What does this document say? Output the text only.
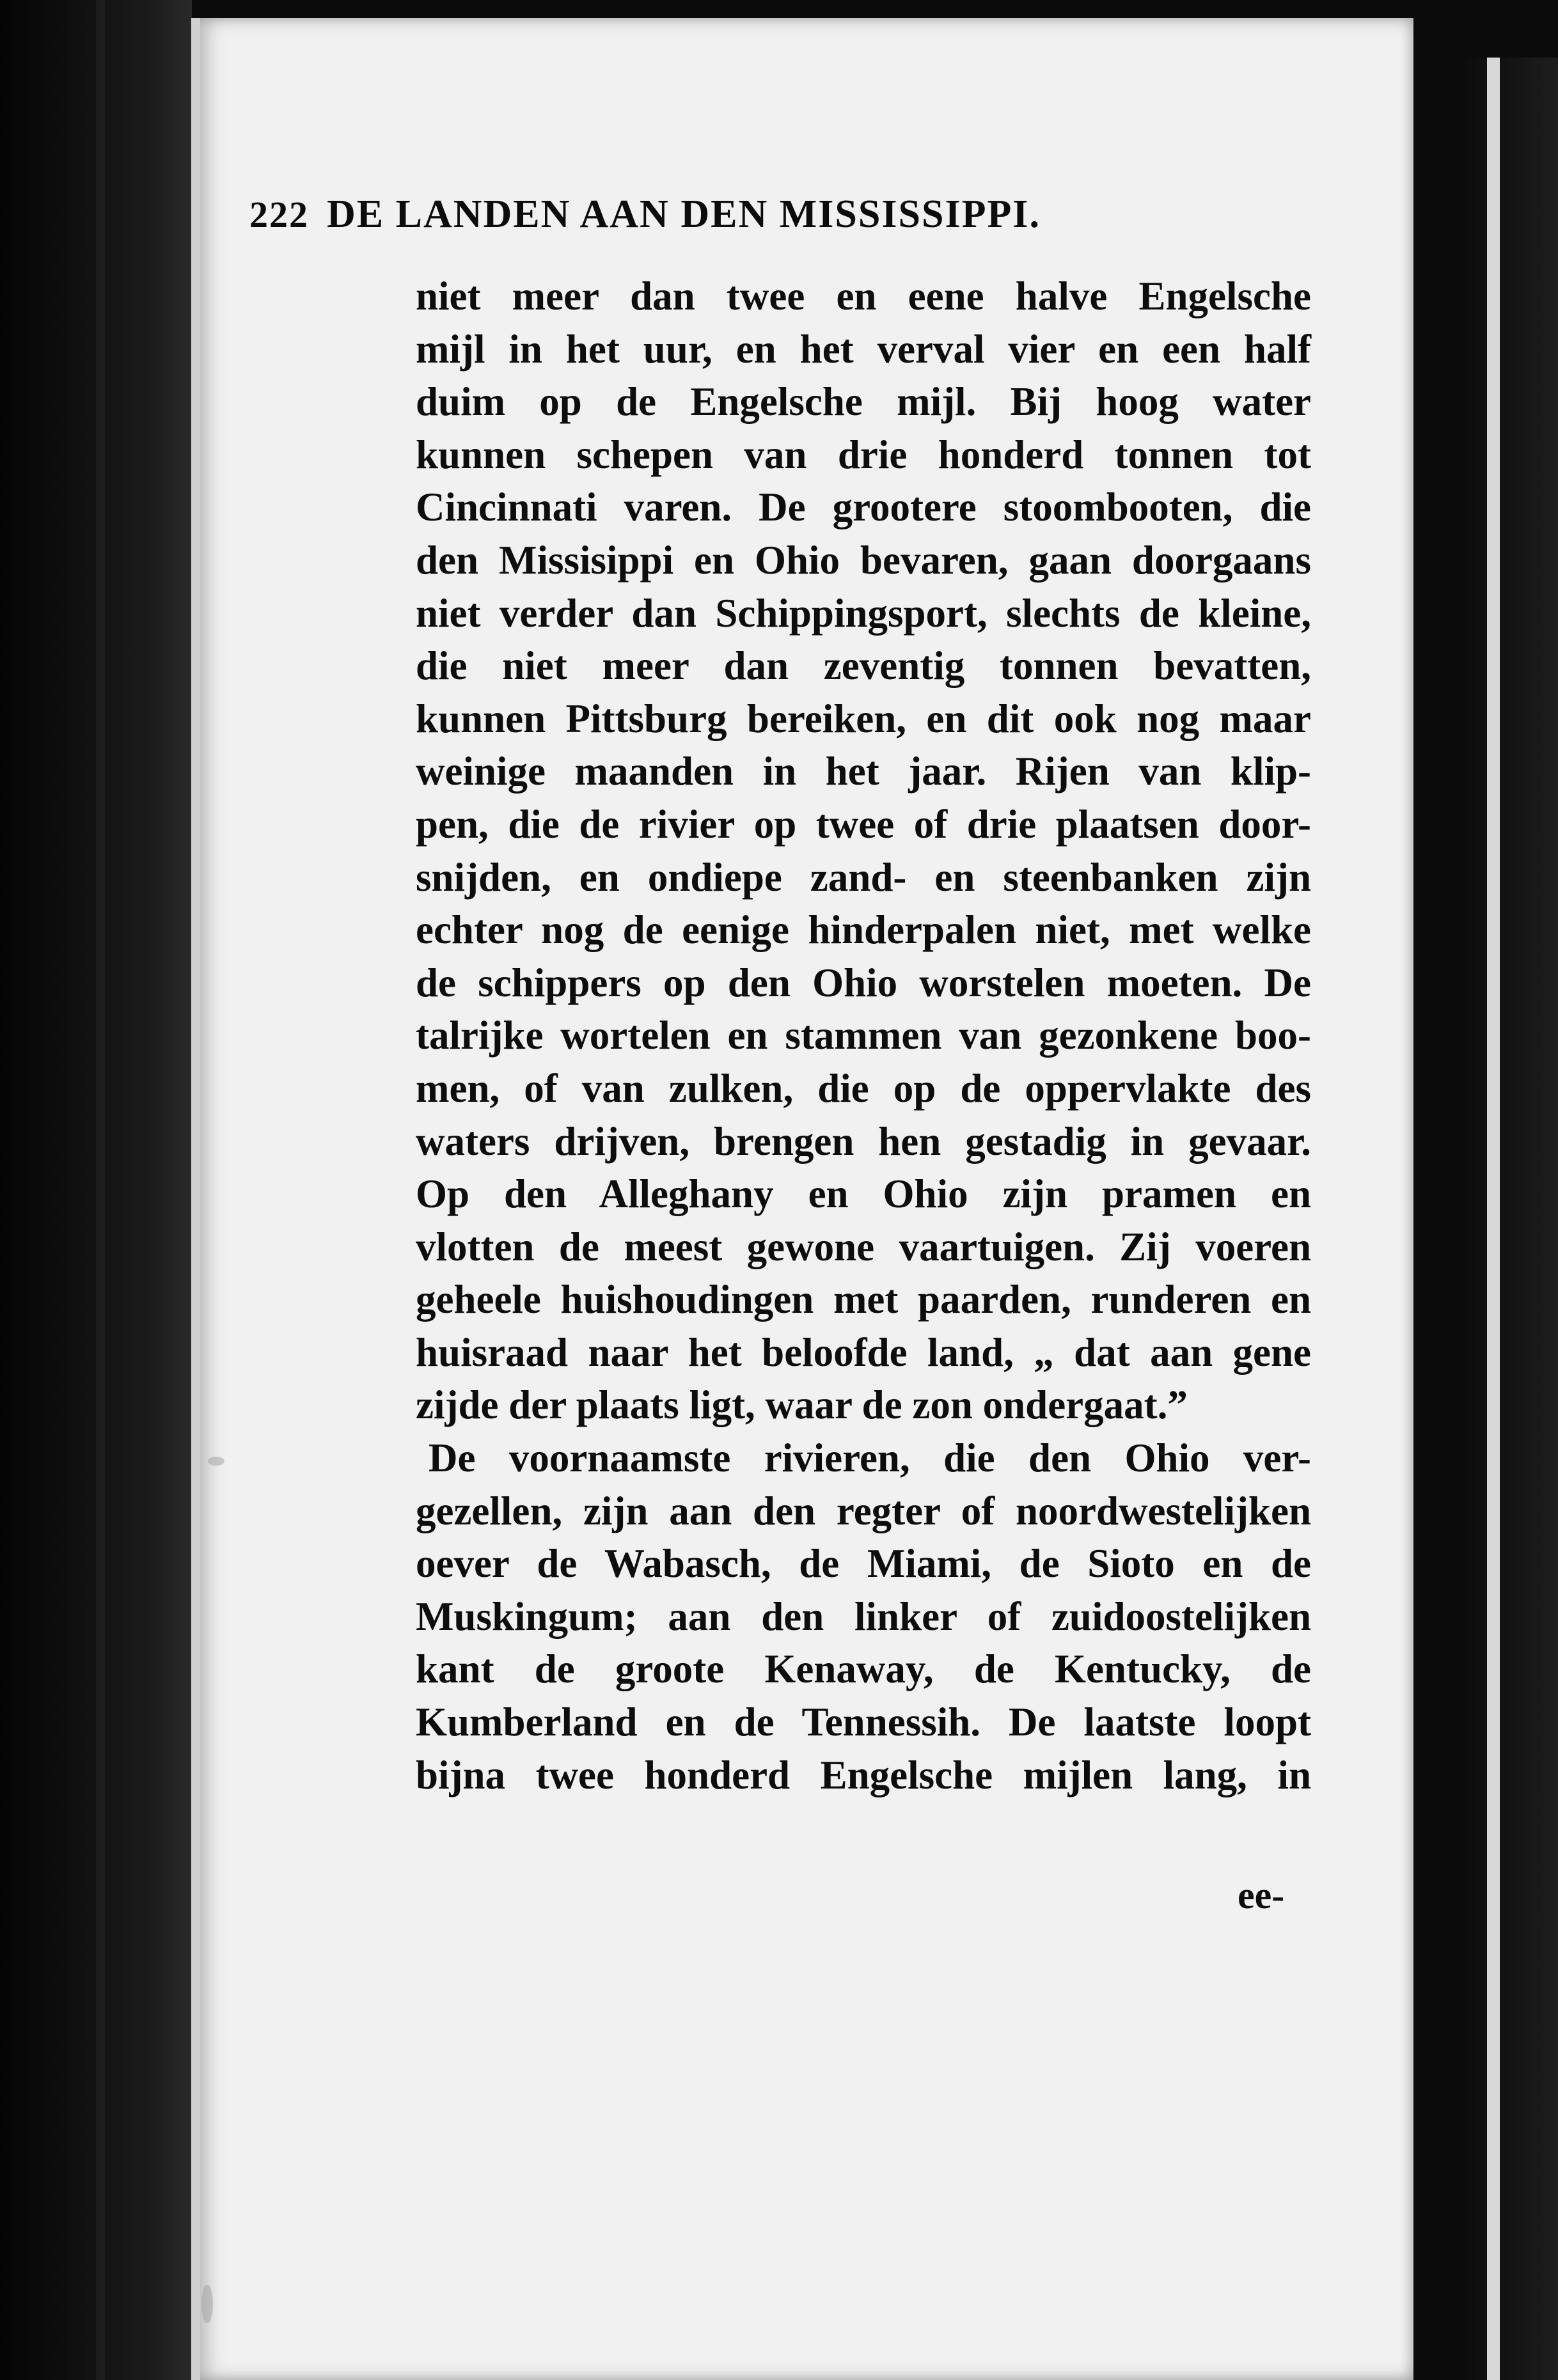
222 DE LANDEN AAN DEN MISSISSIPPI.
niet meer dan twee en eene halve Engelsche
mijl in het uur, en het verval vier en een half
duim op de Engelsche mijl. Bij hoog water
kunnen schepen van drie honderd tonnen tot
Cincinnati varen. De grootere stoombooten, die
den Missisippi en Ohio bevaren, gaan doorgaans
niet verder dan Schippingsport, slechts de kleine,
die niet meer dan zeventig tonnen bevatten,
kunnen Pittsburg bereiken, en dit ook nog maar
weinige maanden in het jaar. Rijen van klip-
pen, die de rivier op twee of drie plaatsen door-
snijden, en ondiepe zand- en steenbanken zijn
echter nog de eenige hinderpalen niet, met welke
de schippers op den Ohio worstelen moeten. De
talrijke wortelen en stammen van gezonkene boo-
men, of van zulken, die op de oppervlakte des
waters drijven, brengen hen gestadig in gevaar.
Op den Alleghany en Ohio zijn pramen en
vlotten de meest gewone vaartuigen. Zij voeren
geheele huishoudingen met paarden, runderen en
huisraad naar het beloofde land, „ dat aan gene
zijde der plaats ligt, waar de zon ondergaat.”
De voornaamste rivieren, die den Ohio ver-
gezellen, zijn aan den regter of noordwestelijken
oever de Wabasch, de Miami, de Sioto en de
Muskingum; aan den linker of zuidoostelijken
kant de groote Kenaway, de Kentucky, de
Kumberland en de Tennessih. De laatste loopt
bijna twee honderd Engelsche mijlen lang, in
ee-
